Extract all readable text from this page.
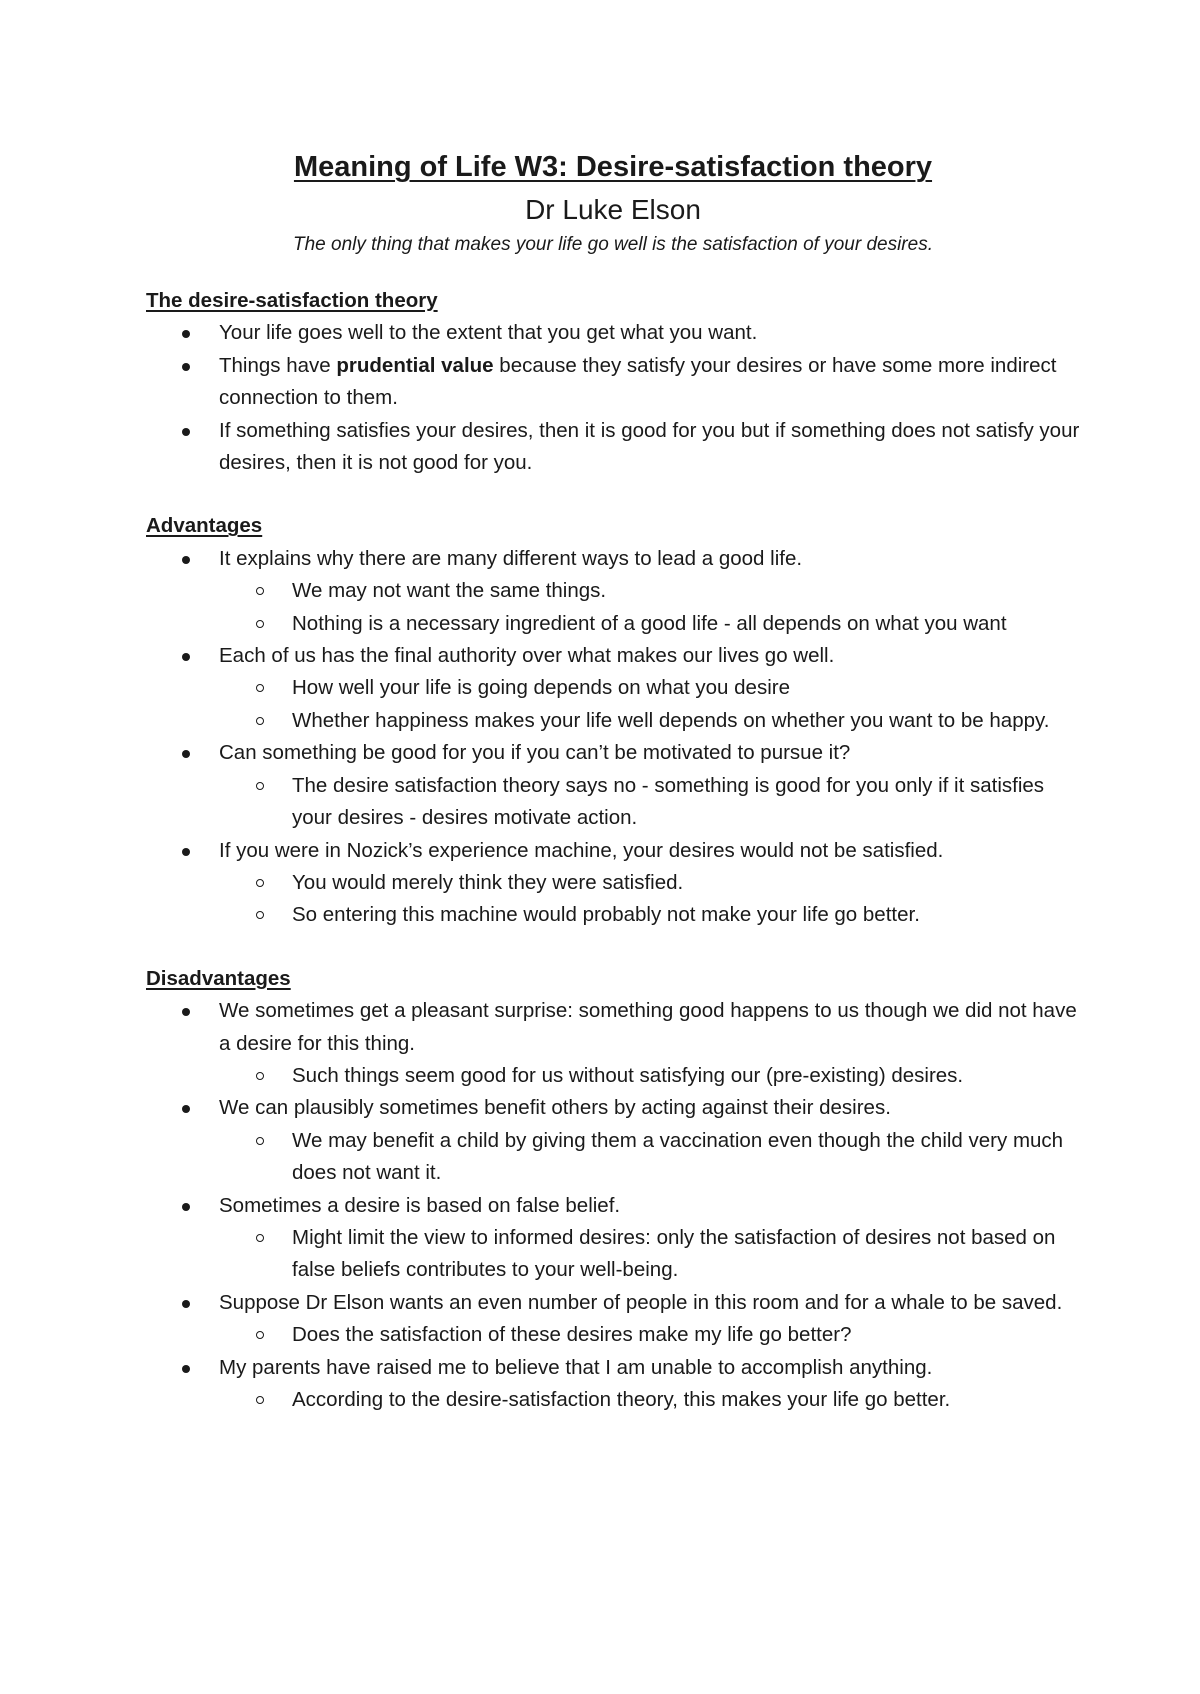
Meaning of Life W3: Desire-satisfaction theory
Dr Luke Elson
The only thing that makes your life go well is the satisfaction of your desires.
The desire-satisfaction theory
Your life goes well to the extent that you get what you want.
Things have prudential value because they satisfy your desires or have some more indirect connection to them.
If something satisfies your desires, then it is good for you but if something does not satisfy your desires, then it is not good for you.
Advantages
It explains why there are many different ways to lead a good life.
We may not want the same things.
Nothing is a necessary ingredient of a good life - all depends on what you want
Each of us has the final authority over what makes our lives go well.
How well your life is going depends on what you desire
Whether happiness makes your life well depends on whether you want to be happy.
Can something be good for you if you can’t be motivated to pursue it?
The desire satisfaction theory says no - something is good for you only if it satisfies your desires - desires motivate action.
If you were in Nozick’s experience machine, your desires would not be satisfied.
You would merely think they were satisfied.
So entering this machine would probably not make your life go better.
Disadvantages
We sometimes get a pleasant surprise: something good happens to us though we did not have a desire for this thing.
Such things seem good for us without satisfying our (pre-existing) desires.
We can plausibly sometimes benefit others by acting against their desires.
We may benefit a child by giving them a vaccination even though the child very much does not want it.
Sometimes a desire is based on false belief.
Might limit the view to informed desires: only the satisfaction of desires not based on false beliefs contributes to your well-being.
Suppose Dr Elson wants an even number of people in this room and for a whale to be saved.
Does the satisfaction of these desires make my life go better?
My parents have raised me to believe that I am unable to accomplish anything.
According to the desire-satisfaction theory, this makes your life go better.
